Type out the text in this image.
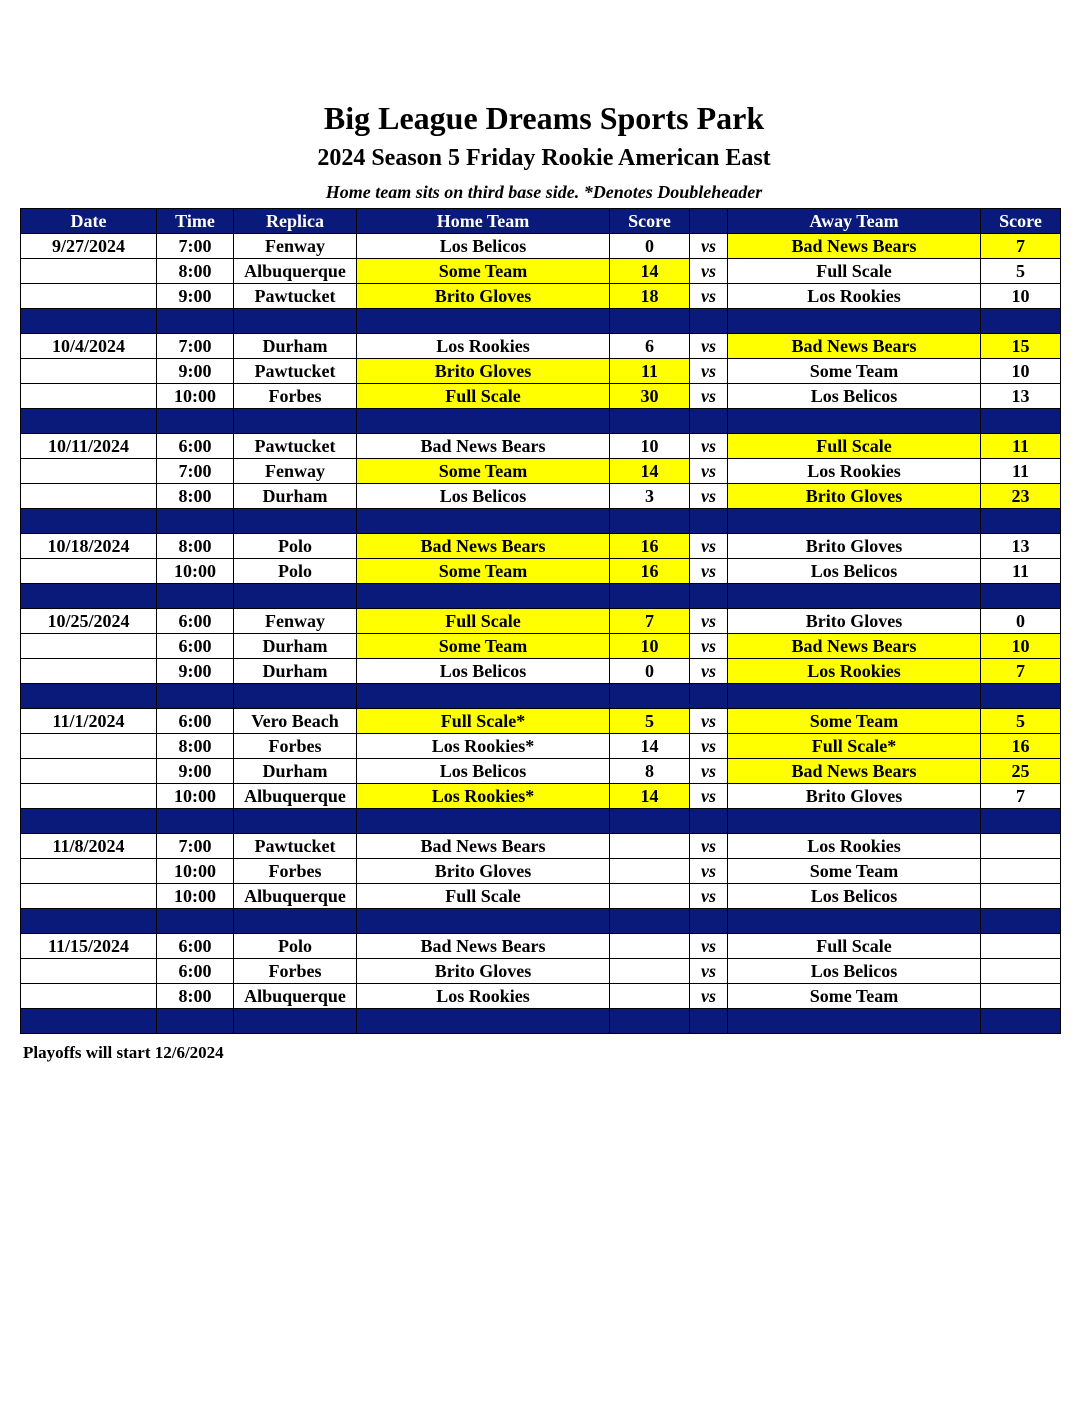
Big League Dreams Sports Park
2024 Season 5 Friday Rookie American East
Home team sits on third base side. *Denotes Doubleheader
Date	Time	Replica	Home Team	Score		Away Team	Score
9/27/2024	7:00	Fenway	Los Belicos	0	vs	Bad News Bears	7
	8:00	Albuquerque	Some Team	14	vs	Full Scale	5
	9:00	Pawtucket	Brito Gloves	18	vs	Los Rookies	10

10/4/2024	7:00	Durham	Los Rookies	6	vs	Bad News Bears	15
	9:00	Pawtucket	Brito Gloves	11	vs	Some Team	10
	10:00	Forbes	Full Scale	30	vs	Los Belicos	13

10/11/2024	6:00	Pawtucket	Bad News Bears	10	vs	Full Scale	11
	7:00	Fenway	Some Team	14	vs	Los Rookies	11
	8:00	Durham	Los Belicos	3	vs	Brito Gloves	23

10/18/2024	8:00	Polo	Bad News Bears	16	vs	Brito Gloves	13
	10:00	Polo	Some Team	16	vs	Los Belicos	11

10/25/2024	6:00	Fenway	Full Scale	7	vs	Brito Gloves	0
	6:00	Durham	Some Team	10	vs	Bad News Bears	10
	9:00	Durham	Los Belicos	0	vs	Los Rookies	7

11/1/2024	6:00	Vero Beach	Full Scale*	5	vs	Some Team	5
	8:00	Forbes	Los Rookies*	14	vs	Full Scale*	16
	9:00	Durham	Los Belicos	8	vs	Bad News Bears	25
	10:00	Albuquerque	Los Rookies*	14	vs	Brito Gloves	7

11/8/2024	7:00	Pawtucket	Bad News Bears		vs	Los Rookies	
	10:00	Forbes	Brito Gloves		vs	Some Team	
	10:00	Albuquerque	Full Scale		vs	Los Belicos	

11/15/2024	6:00	Polo	Bad News Bears		vs	Full Scale	
	6:00	Forbes	Brito Gloves		vs	Los Belicos	
	8:00	Albuquerque	Los Rookies		vs	Some Team	

Playoffs will start 12/6/2024
